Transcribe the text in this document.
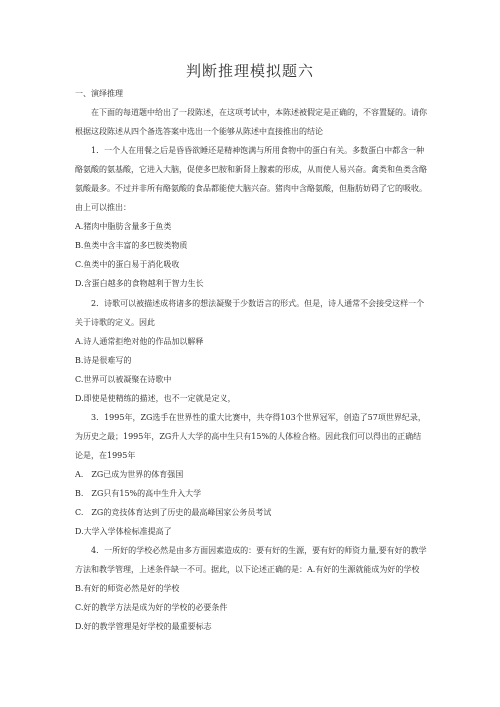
判断推理模拟题六

一、演绎推理

在下面的每道题中给出了一段陈述，在这项考试中，本陈述被假定是正确的，不容置疑的。请你根据这段陈述从四个备选答案中选出一个能够从陈述中直接推出的结论

1．一个人在用餐之后是昏昏欲睡还是精神饱满与所用食物中的蛋白有关。多数蛋白中都含一种酪氨酸的氨基酸，它进入大脑，促使多巴胺和新肾上腺素的形成，从而使人易兴奋。禽类和鱼类含酪氨酸最多。不过并非所有酪氨酸的食品都能使大脑兴奋。猪肉中含酪氨酸，但脂肪妨碍了它的吸收。

由上可以推出：

A.猪肉中脂肪含量多于鱼类

B.鱼类中含丰富的多巴胺类物质

C.鱼类中的蛋白易于消化吸收

D.含蛋白越多的食物越利于智力生长

2．诗歌可以被描述成将诸多的想法凝聚于少数语言的形式。但是，诗人通常不会接受这样一个关于诗歌的定义。因此

A.诗人通常拒绝对他的作品加以解释

B.诗是很难写的

C.世界可以被凝聚在诗歌中

D.即使是使精练的描述，也不一定就是定义，

3．1995年，ZG选手在世界性的重大比赛中，共夺得103个世界冠军，创造了57项世界纪录，为历史之最；1995年，ZG升人大学的高中生只有15%的人体检合格。因此我们可以得出的正确结论是，在1995年

A.　ZG已成为世界的体育强国

B.　ZG只有15%的高中生升入大学

C.　ZG的竞技体育达到了历史的最高峰国家公务员考试

D.大学入学体检标准提高了

4．一所好的学校必然是由多方面因素造成的：要有好的生源，要有好的师资力量,要有好的教学方法和教学管理，上述条件缺一不可。据此，以下论述正确的是：A.有好的生源就能成为好的学校

B.有好的师资必然是好的学校

C.好的教学方法是成为好的学校的必要条件

D.好的教学管理是好学校的最重要标志
